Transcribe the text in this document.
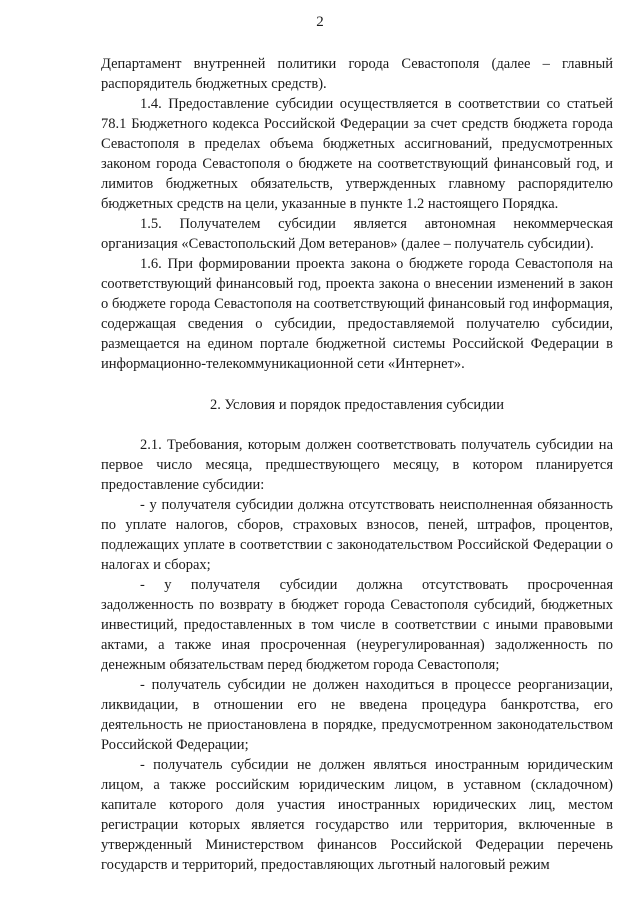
2

Департамент внутренней политики города Севастополя (далее – главный распорядитель бюджетных средств).

1.4. Предоставление субсидии осуществляется в соответствии со статьей 78.1 Бюджетного кодекса Российской Федерации за счет средств бюджета города Севастополя в пределах объема бюджетных ассигнований, предусмотренных законом города Севастополя о бюджете на соответствующий финансовый год, и лимитов бюджетных обязательств, утвержденных главному распорядителю бюджетных средств на цели, указанные в пункте 1.2 настоящего Порядка.

1.5. Получателем субсидии является автономная некоммерческая организация «Севастопольский Дом ветеранов» (далее – получатель субсидии).

1.6. При формировании проекта закона о бюджете города Севастополя на соответствующий финансовый год, проекта закона о внесении изменений в закон о бюджете города Севастополя на соответствующий финансовый год информация, содержащая сведения о субсидии, предоставляемой получателю субсидии, размещается на едином портале бюджетной системы Российской Федерации в информационно-телекоммуникационной сети «Интернет».

2. Условия и порядок предоставления субсидии

2.1. Требования, которым должен соответствовать получатель субсидии на первое число месяца, предшествующего месяцу, в котором планируется предоставление субсидии:

- у получателя субсидии должна отсутствовать неисполненная обязанность по уплате налогов, сборов, страховых взносов, пеней, штрафов, процентов, подлежащих уплате в соответствии с законодательством Российской Федерации о налогах и сборах;

- у получателя субсидии должна отсутствовать просроченная задолженность по возврату в бюджет города Севастополя субсидий, бюджетных инвестиций, предоставленных в том числе в соответствии с иными правовыми актами, а также иная просроченная (неурегулированная) задолженность по денежным обязательствам перед бюджетом города Севастополя;

- получатель субсидии не должен находиться в процессе реорганизации, ликвидации, в отношении его не введена процедура банкротства, его деятельность не приостановлена в порядке, предусмотренном законодательством Российской Федерации;

- получатель субсидии не должен являться иностранным юридическим лицом, а также российским юридическим лицом, в уставном (складочном) капитале которого доля участия иностранных юридических лиц, местом регистрации которых является государство или территория, включенные в утвержденный Министерством финансов Российской Федерации перечень государств и территорий, предоставляющих льготный налоговый режим
